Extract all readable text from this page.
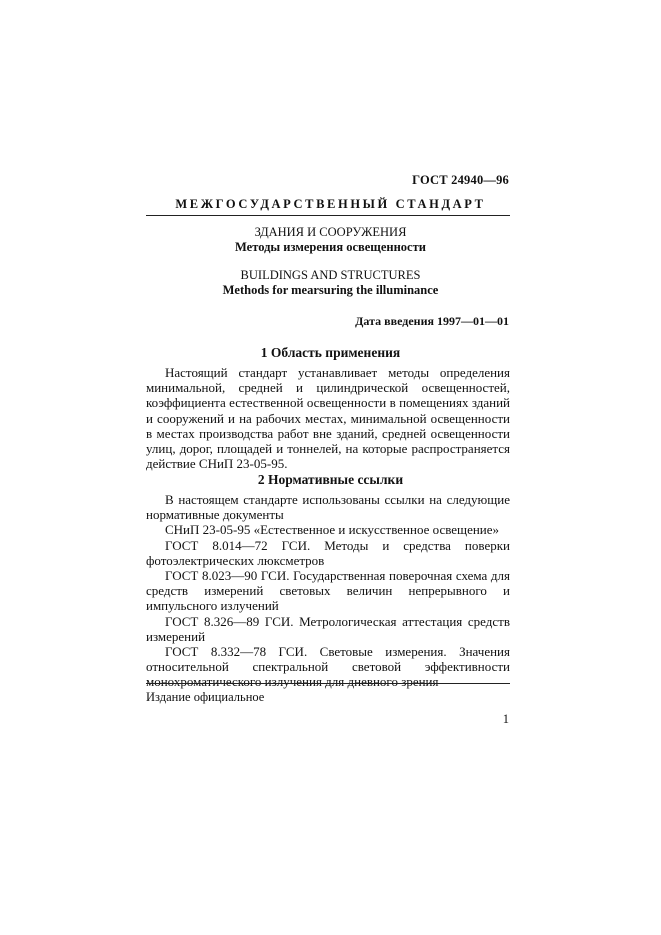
ГОСТ 24940—96
МЕЖГОСУДАРСТВЕННЫЙ СТАНДАРТ
ЗДАНИЯ И СООРУЖЕНИЯ
Методы измерения освещенности
BUILDINGS AND STRUCTURES
Methods for mearsuring the illuminance
Дата введения 1997—01—01
1 Область применения

Настоящий стандарт устанавливает методы определения минимальной, средней и цилиндрической освещенностей, коэффициента естественной освещенности в помещениях зданий и сооружений и на рабочих местах, минимальной освещенности в местах производства работ вне зданий, средней освещенности улиц, дорог, площадей и тоннелей, на которые распространяется действие СНиП 23-05-95.

2 Нормативные ссылки

В настоящем стандарте использованы ссылки на следующие нормативные документы

СНиП 23-05-95 «Естественное и искусственное освещение»

ГОСТ 8.014—72 ГСИ. Методы и средства поверки фотоэлектрических люксметров

ГОСТ 8.023—90 ГСИ. Государственная поверочная схема для средств измерений световых величин непрерывного и импульсного излучений

ГОСТ 8.326—89 ГСИ. Метрологическая аттестация средств измерений

ГОСТ 8.332—78 ГСИ. Световые измерения. Значения относительной спектральной световой эффективности монохроматического излучения для дневного зрения

Издание официальное
1
